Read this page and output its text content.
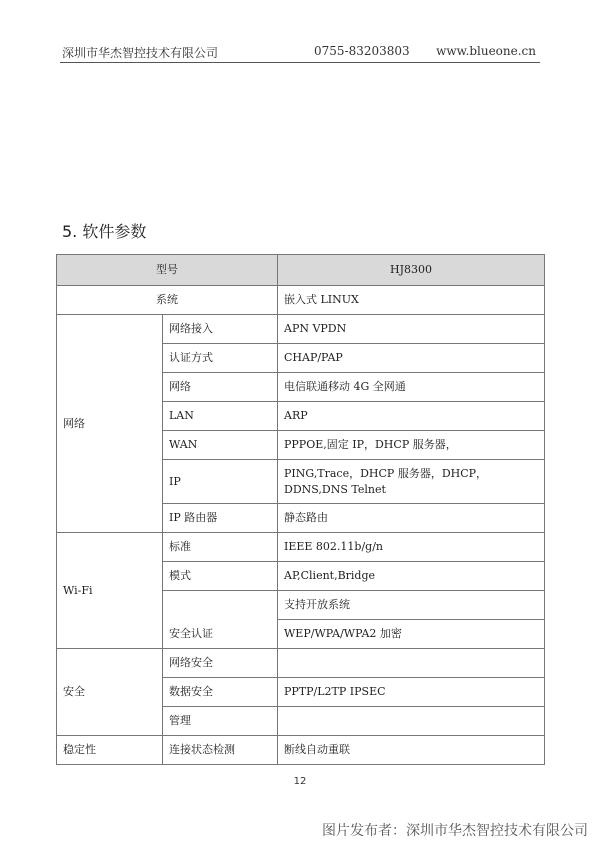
深圳市华杰智控技术有限公司	0755-83203803 www.blueone.cn
5. 软件参数
型号		HJ8300
系统		嵌入式 LINUX
网络	网络接入	APN VPDN
	认证方式	CHAP/PAP
	网络	电信联通移动 4G 全网通
	LAN	ARP
	WAN	PPPOE,固定 IP，DHCP 服务器，
	IP	PING,Trace，DHCP 服务器，DHCP，DDNS,DNS Telnet
	IP 路由器	静态路由
Wi-Fi	标准	IEEE 802.11b/g/n
	模式	AP,Client,Bridge
	安全认证	支持开放系统
		WEP/WPA/WPA2 加密
安全	网络安全	
	数据安全	PPTP/L2TP IPSEC
	管理	
稳定性	连接状态检测	断线自动重联
12
图片发布者：深圳市华杰智控技术有限公司
